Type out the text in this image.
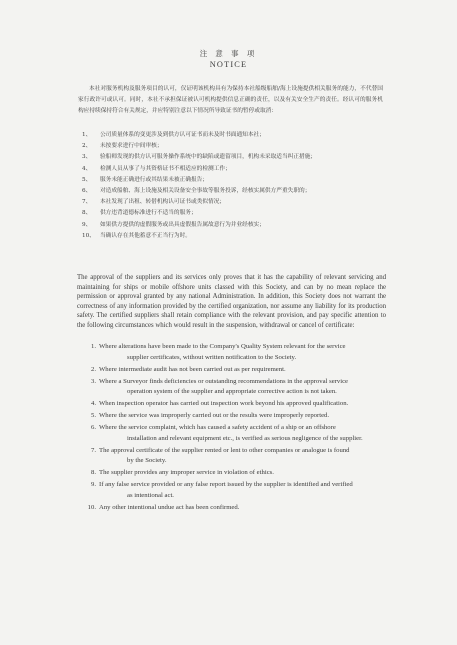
注 意 事 项
NOTICE
本社对服务机构及服务项目的认可，仅证明该机构具有为保持本社船级船舶/海上设施提供相关服务的能力，不代替国家行政许可或认可。同时，本社不承担保证被认可机构提供信息正确的责任，以及有关安全生产的责任。经认可的服务机构应持续保持符合有关规定，并应特别注意以下情况所导致证书的暂停或取消：
1、	公司质量体系的变更涉及到供方认可证书而未及时书面通知本社；
2、	未按要求进行中间审核；
3、	验船师发现的供方认可服务操作系统中的缺陷或遗留项目，机构未采取适当纠正措施；
4、	检测人员从事了与其资格证书不相适应的检测工作；
5、	服务未能正确进行或其结果未被正确报告；
6、	对造成船舶、海上设施及相关设备安全事故等服务投诉，经核实属供方严重失职的；
7、	本社发现了出租、转借机构认可证书或类似情况；
8、	供方违背道德标准进行不适当的服务；
9、	如果供方提供的虚假服务或出具虚假报告属故意行为并业经核实；
10、 当确认存在其他蓄意不正当行为时。
The approval of the suppliers and its services only proves that it has the capability of relevant servicing and maintaining for ships or mobile offshore units classed with this Society, and can by no mean replace the permission or approval granted by any national Administration. In addition, this Society does not warrant the correctness of any information provided by the certified organization, nor assume any liability for its production safety. The certified suppliers shall retain compliance with the relevant provision, and pay specific attention to the following circumstances which would result in the suspension, withdrawal or cancel of certificate:
1. Where alterations have been made to the Company's Quality System relevant for the service
supplier certificates, without written notification to the Society.
2. Where intermediate audit has not been carried out as per requirement.
3. Where a Surveyor finds deficiencies or outstanding recommendations in the approval service
operation system of the supplier and appropriate corrective action is not taken.
4. When inspection operator has carried out inspection work beyond his approved qualification.
5. Where the service was improperly carried out or the results were improperly reported.
6. Where the service complaint, which has caused a safety accident of a ship or an offshore
installation and relevant equipment etc., is verified as serious negligence of the supplier.
7. The approval certificate of the supplier rented or lent to other companies or analogue is found
by the Society.
8. The supplier provides any improper service in violation of ethics.
9. If any false service provided or any false report issued by the supplier is identified and verified
as intentional act.
10. Any other intentional undue act has been confirmed.
